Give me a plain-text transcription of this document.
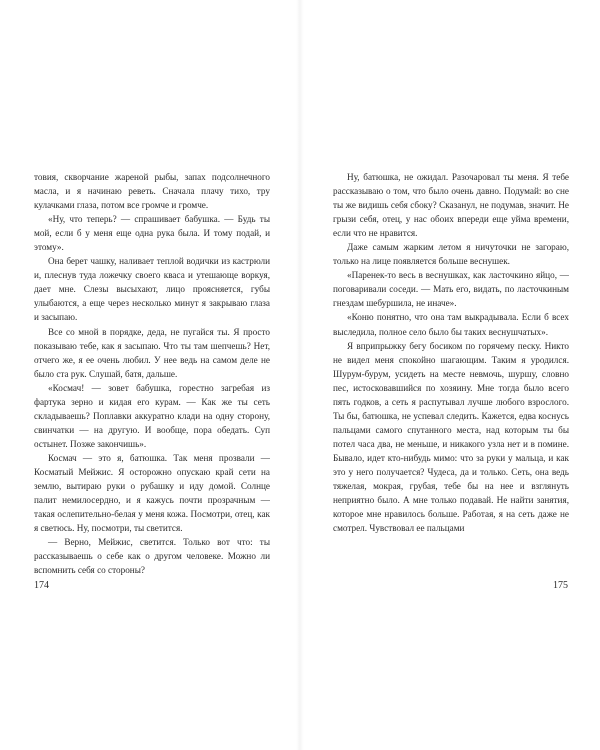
товия, скворчание жареной рыбы, запах подсолнечного масла, и я начинаю реветь. Сначала плачу тихо, тру кулачками глаза, потом все громче и громче.

«Ну, что теперь? — спрашивает бабушка. — Будь ты мой, если б у меня еще одна рука была. И тому подай, и этому».

Она берет чашку, наливает теплой водички из кастрюли и, плеснув туда ложечку своего кваса и утешающе воркуя, дает мне. Слезы высыхают, лицо проясняется, губы улыбаются, а еще через несколько минут я закрываю глаза и засыпаю.

Все со мной в порядке, деда, не пугайся ты. Я просто показываю тебе, как я засыпаю. Что ты там шепчешь? Нет, отчего же, я ее очень любил. У нее ведь на самом деле не было ста рук. Слушай, батя, дальше.

«Космач! — зовет бабушка, горестно загребая из фартука зерно и кидая его курам. — Как же ты сеть складываешь? Поплавки аккуратно клади на одну сторону, свинчатки — на другую. И вообще, пора обедать. Суп остынет. Позже закончишь».

Космач — это я, батюшка. Так меня прозвали — Косматый Мейжис. Я осторожно опускаю край сети на землю, вытираю руки о рубашку и иду домой. Солнце палит немилосердно, и я кажусь почти прозрачным — такая ослепительно-белая у меня кожа. Посмотри, отец, как я светюсь. Ну, посмотри, ты светится.

— Верно, Мейжис, светится. Только вот что: ты рассказываешь о себе как о другом человеке. Можно ли вспомнить себя со стороны?

174

Ну, батюшка, не ожидал. Разочаровал ты меня. Я тебе рассказываю о том, что было очень давно. Подумай: во сне ты же видишь себя сбоку? Сказанул, не подумав, значит. Не грызи себя, отец, у нас обоих впереди еще уйма времени, если что не нравится.

Даже самым жарким летом я ничуточки не загораю, только на лице появляется больше веснушек.

«Паренек-то весь в веснушках, как ласточкино яйцо, — поговаривали соседи. — Мать его, видать, по ласточкиным гнездам шебуршила, не иначе».

«Коню понятно, что она там выкрадывала. Если б всех выследила, полное село было бы таких веснушчатых».

Я вприпрыжку бегу босиком по горячему песку. Никто не видел меня спокойно шагающим. Таким я уродился. Шурум-бурум, усидеть на месте невмочь, шуршу, словно пес, истосковавшийся по хозяину. Мне тогда было всего пять годков, а сеть я распутывал лучше любого взрослого. Ты бы, батюшка, не успевал следить. Кажется, едва коснусь пальцами самого спутанного места, над которым ты бы потел часа два, не меньше, и никакого узла нет и в помине. Бывало, идет кто-нибудь мимо: что за руки у мальца, и как это у него получается? Чудеса, да и только. Сеть, она ведь тяжелая, мокрая, грубая, тебе бы на нее и взглянуть неприятно было. А мне только подавай. Не найти занятия, которое мне нравилось больше. Работая, я на сеть даже не смотрел. Чувствовал ее пальцами

175
